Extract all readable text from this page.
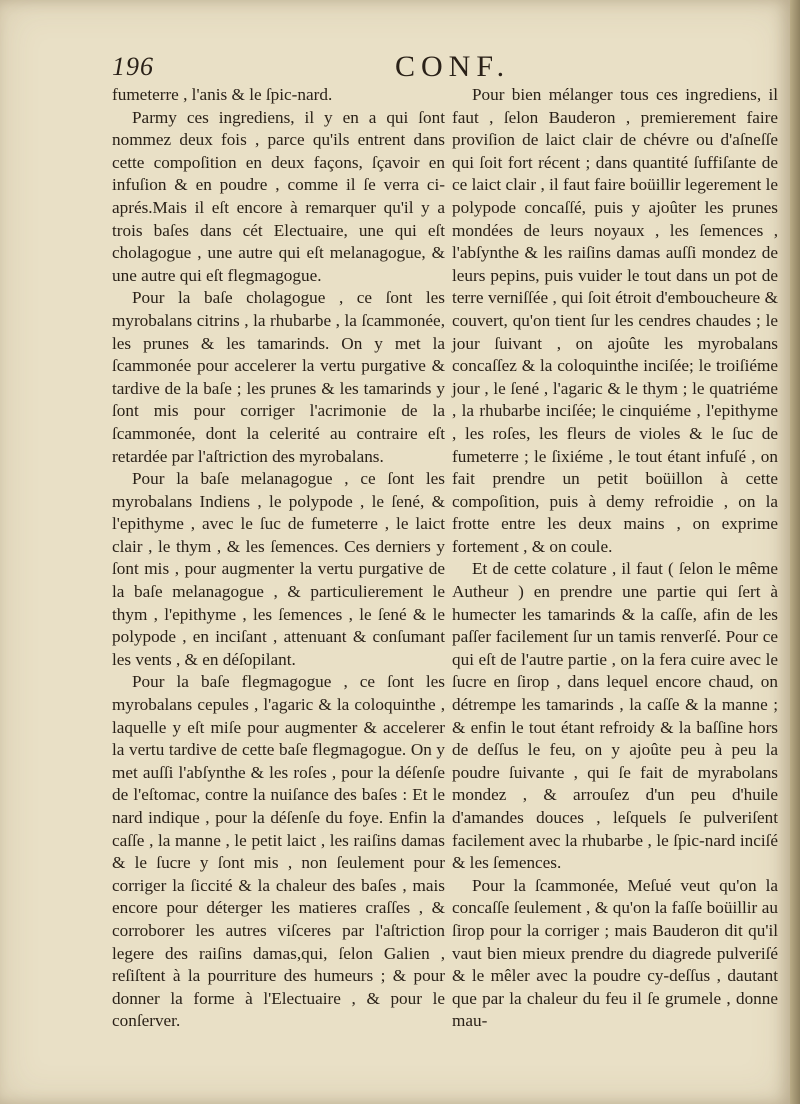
196	CONF.

fumeterre , l'anis & le ſpic-nard.

Parmy ces ingrediens, il y en a qui ſont nommez deux fois , parce qu'ils entrent dans cette compoſition en deux façons, ſçavoir en infuſion & en poudre , comme il ſe verra ci-aprés.Mais il eſt encore à remarquer qu'il y a trois baſes dans cét Electuaire, une qui eſt cholagogue , une autre qui eſt melanagogue, & une autre qui eſt flegmagogue.

Pour la baſe cholagogue , ce ſont les myrobalans citrins , la rhubarbe , la ſcammonée, les prunes & les tamarinds. On y met la ſcammonée pour accelerer la vertu purgative & tardive de la baſe ; les prunes & les tamarinds y ſont mis pour corriger l'acrimonie de la ſcammonée, dont la celerité au contraire eſt retardée par l'aſtriction des myrobalans.

Pour la baſe melanagogue , ce ſont les myrobalans Indiens , le polypode , le ſené, & l'epithyme , avec le ſuc de fumeterre , le laict clair , le thym , & les ſemences. Ces derniers y ſont mis , pour augmenter la vertu purgative de la baſe melanagogue , & particulierement le thym , l'epithyme , les ſemences , le ſené & le polypode , en inciſant , attenuant & conſumant les vents , & en déſopilant.

Pour la baſe flegmagogue , ce ſont les myrobalans cepules , l'agaric & la coloquinthe , laquelle y eſt miſe pour augmenter & accelerer la vertu tardive de cette baſe flegmagogue. On y met auſſi l'abſynthe & les roſes , pour la déſenſe de l'eſtomac, contre la nuiſance des baſes : Et le nard indique , pour la déſenſe du foye. Enfin la caſſe , la manne , le petit laict , les raiſins damas & le ſucre y ſont mis , non ſeulement pour corriger la ſiccité & la chaleur des baſes , mais encore pour déterger les matieres craſſes , & corroborer les autres viſceres par l'aſtriction legere des raiſins damas,qui, ſelon Galien , reſiſtent à la pourriture des humeurs ; & pour donner la forme à l'Electuaire , & pour le conſerver.

Pour bien mélanger tous ces ingrediens, il faut , ſelon Bauderon , premierement faire proviſion de laict clair de chévre ou d'aſneſſe qui ſoit fort récent ; dans quantité ſuffiſante de ce laict clair , il faut faire boüillir legerement le polypode concaſſé, puis y ajoûter les prunes mondées de leurs noyaux , les ſemences , l'abſynthe & les raiſins damas auſſi mondez de leurs pepins, puis vuider le tout dans un pot de terre verniſſée , qui ſoit étroit d'embouchеure & couvert, qu'on tient ſur les cendres chaudes ; le jour ſuivant , on ajoûte les myrobalans concaſſez & la coloquinthe inciſée; le troiſiéme jour , le ſené , l'agaric & le thym ; le quatriéme , la rhubarbe inciſée; le cinquiéme , l'epithyme , les roſes, les fleurs de violes & le ſuc de fumeterre ; le ſixiéme , le tout étant infuſé , on fait prendre un petit boüillon à cette compoſition, puis à demy refroidie , on la frotte entre les deux mains , on exprime fortement , & on coule.

Et de cette colature , il faut ( ſelon le même Autheur ) en prendre une partie qui ſert à humecter les tamarinds & la caſſe, afin de les paſſer facilement ſur un tamis renverſé. Pour ce qui eſt de l'autre partie , on la fera cuire avec le ſucre en ſirop , dans lequel encore chaud, on détrempe les tamarinds , la caſſe & la manne ; & enfin le tout étant refroidy & la baſſine hors de deſſus le feu, on y ajoûte peu à peu la poudre ſuivante , qui ſe fait de myrabolans mondez , & arrouſez d'un peu d'huile d'amandes douces , leſquels ſe pulveriſent facilement avec la rhubarbe , le ſpic-nard inciſé & les ſemences.

Pour la ſcammonée, Meſué veut qu'on la concaſſe ſeulement , & qu'on la faſſe boüillir au ſirop pour la corriger ; mais Bauderon dit qu'il vaut bien mieux prendre du diagrede pulveriſé & le mêler avec la poudre cy-deſſus , dautant que par la chaleur du feu il ſe grumele , donne mau-
